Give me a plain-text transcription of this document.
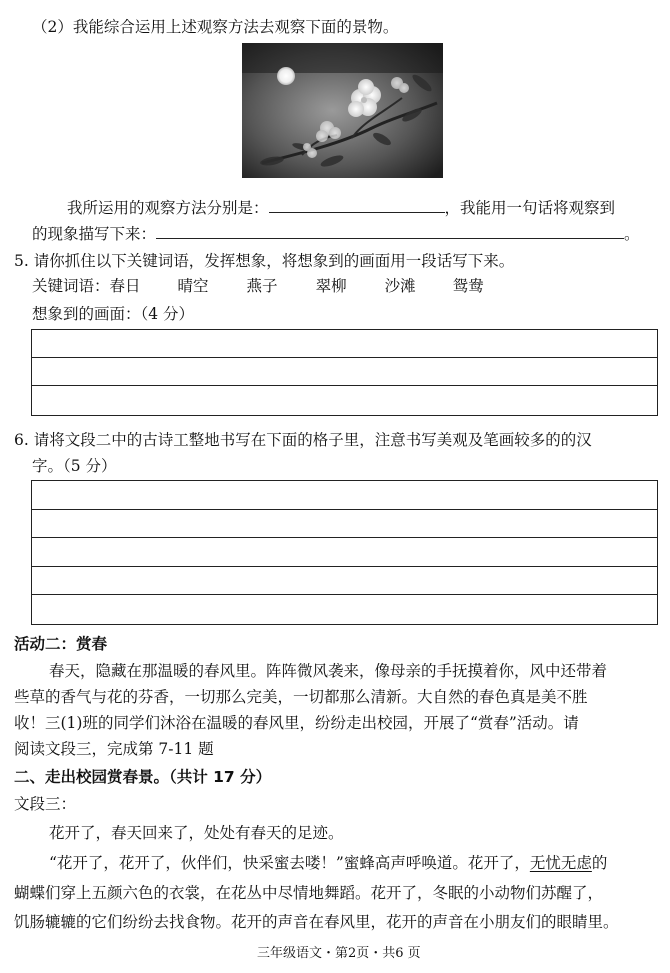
（2）我能综合运用上述观察方法去观察下面的景物。
我所运用的观察方法分别是：	，我能用一句话将观察到
的现象描写下来：	。
5. 请你抓住以下关键词语，发挥想象，将想象到的画面用一段话写下来。
关键词语：春日 晴空 燕子 翠柳 沙滩 鸳鸯
想象到的画面：（4 分）
6. 请将文段二中的古诗工整地书写在下面的格子里，注意书写美观及笔画较多的的汉
字。（5 分）
活动二：赏春
春天，隐藏在那温暖的春风里。阵阵微风袭来，像母亲的手抚摸着你，风中还带着
些草的香气与花的芬香，一切那么完美，一切都那么清新。大自然的春色真是美不胜
收！三(1)班的同学们沐浴在温暖的春风里，纷纷走出校园，开展了“赏春”活动。请
阅读文段三，完成第 7-11 题
二、走出校园赏春景。（共计 17 分）
文段三：
花开了，春天回来了，处处有春天的足迹。
“花开了，花开了，伙伴们，快采蜜去喽！”蜜蜂高声呼唤道。花开了，无忧无虑的
蝴蝶们穿上五颜六色的衣裳，在花丛中尽情地舞蹈。花开了，冬眠的小动物们苏醒了，
饥肠辘辘的它们纷纷去找食物。花开的声音在春风里，花开的声音在小朋友们的眼睛里。
三年级语文・第2页・共6 页
